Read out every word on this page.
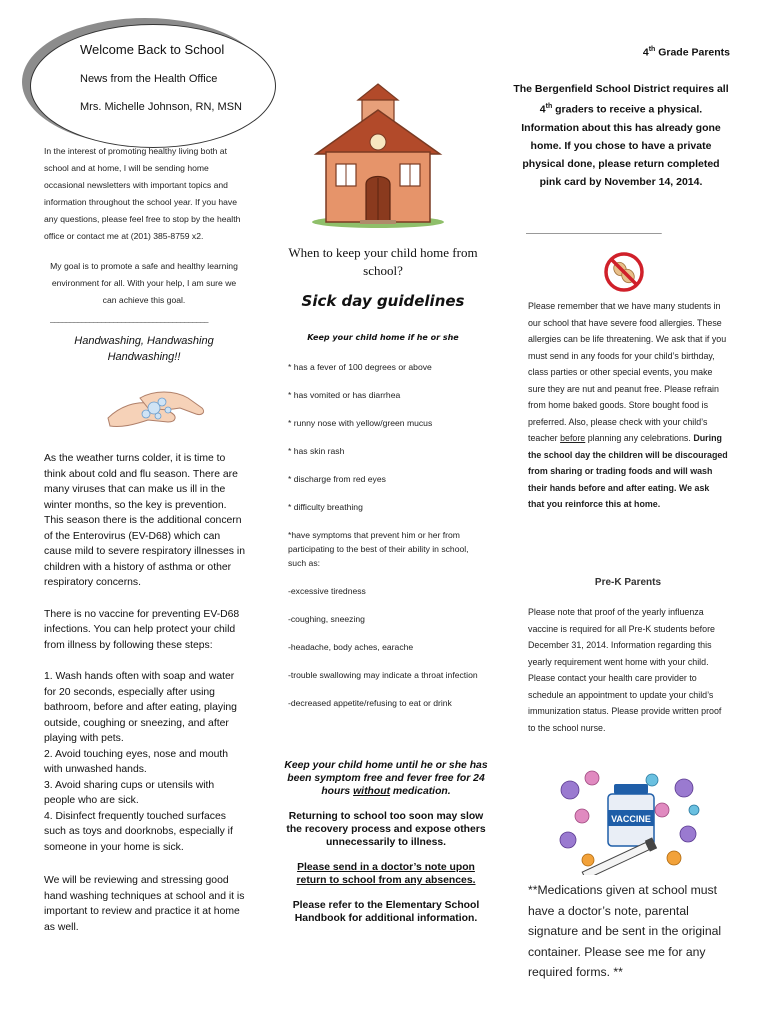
Welcome Back to School
News from the Health Office
Mrs. Michelle Johnson, RN, MSN
In the interest of promoting healthy living both at school and at home, I will be sending home occasional newsletters with important topics and information throughout the school year. If you have any questions, please feel free to stop by the health office or contact me at (201) 385-8759 x2.
My goal is to promote a safe and healthy learning environment for all. With your help, I am sure we can achieve this goal.
________________________________________
Handwashing, Handwashing Handwashing!!

As the weather turns colder, it is time to think about cold and flu season. There are many viruses that can make us ill in the winter months, so the key is prevention. This season there is the additional concern of the Enterovirus (EV-D68) which can cause mild to severe respiratory illnesses in children with a history of asthma or other respiratory concerns.

There is no vaccine for preventing EV-D68 infections. You can help protect your child from illness by following these steps:

1. Wash hands often with soap and water for 20 seconds, especially after using bathroom, before and after eating, playing outside, coughing or sneezing, and after playing with pets.
2. Avoid touching eyes, nose and mouth with unwashed hands.
3. Avoid sharing cups or utensils with people who are sick.
4. Disinfect frequently touched surfaces such as toys and doorknobs, especially if someone in your home is sick.

We will be reviewing and stressing good hand washing techniques at school and it is important to review and practice it at home as well.

When to keep your child home from school?
Sick day guidelines
Keep your child home if he or she
* has a fever of 100 degrees or above
* has vomited or has diarrhea
* runny nose with yellow/green mucus
* has skin rash
* discharge from red eyes
* difficulty breathing
*have symptoms that prevent him or her from participating to the best of their ability in school, such as:
-excessive tiredness
-coughing, sneezing
-headache, body aches, earache
-trouble swallowing may indicate a throat infection
-decreased appetite/refusing to eat or drink

Keep your child home until he or she has been symptom free and fever free for 24 hours without medication.

Returning to school too soon may slow the recovery process and expose others unnecessarily to illness.

Please send in a doctor’s note upon return to school from any absences.

Please refer to the Elementary School Handbook for additional information.

4th Grade Parents
The Bergenfield School District requires all 4th graders to receive a physical. Information about this has already gone home. If you chose to have a private physical done, please return completed pink card by November 14, 2014.
______________________________
Please remember that we have many students in our school that have severe food allergies. These allergies can be life threatening. We ask that if you must send in any foods for your child’s birthday, class parties or other special events, you make sure they are nut and peanut free. Please refrain from home baked goods. Store bought food is preferred. Also, please check with your child’s teacher before planning any celebrations. During the school day the children will be discouraged from sharing or trading foods and will wash their hands before and after eating. We ask that you reinforce this at home.
Pre-K Parents
Please note that proof of the yearly influenza vaccine is required for all Pre-K students before December 31, 2014. Information regarding this yearly requirement went home with your child. Please contact your health care provider to schedule an appointment to update your child’s immunization status. Please provide written proof to the school nurse.
VACCINE
**Medications given at school must have a doctor’s note, parental signature and be sent in the original container. Please see me for any required forms. **
